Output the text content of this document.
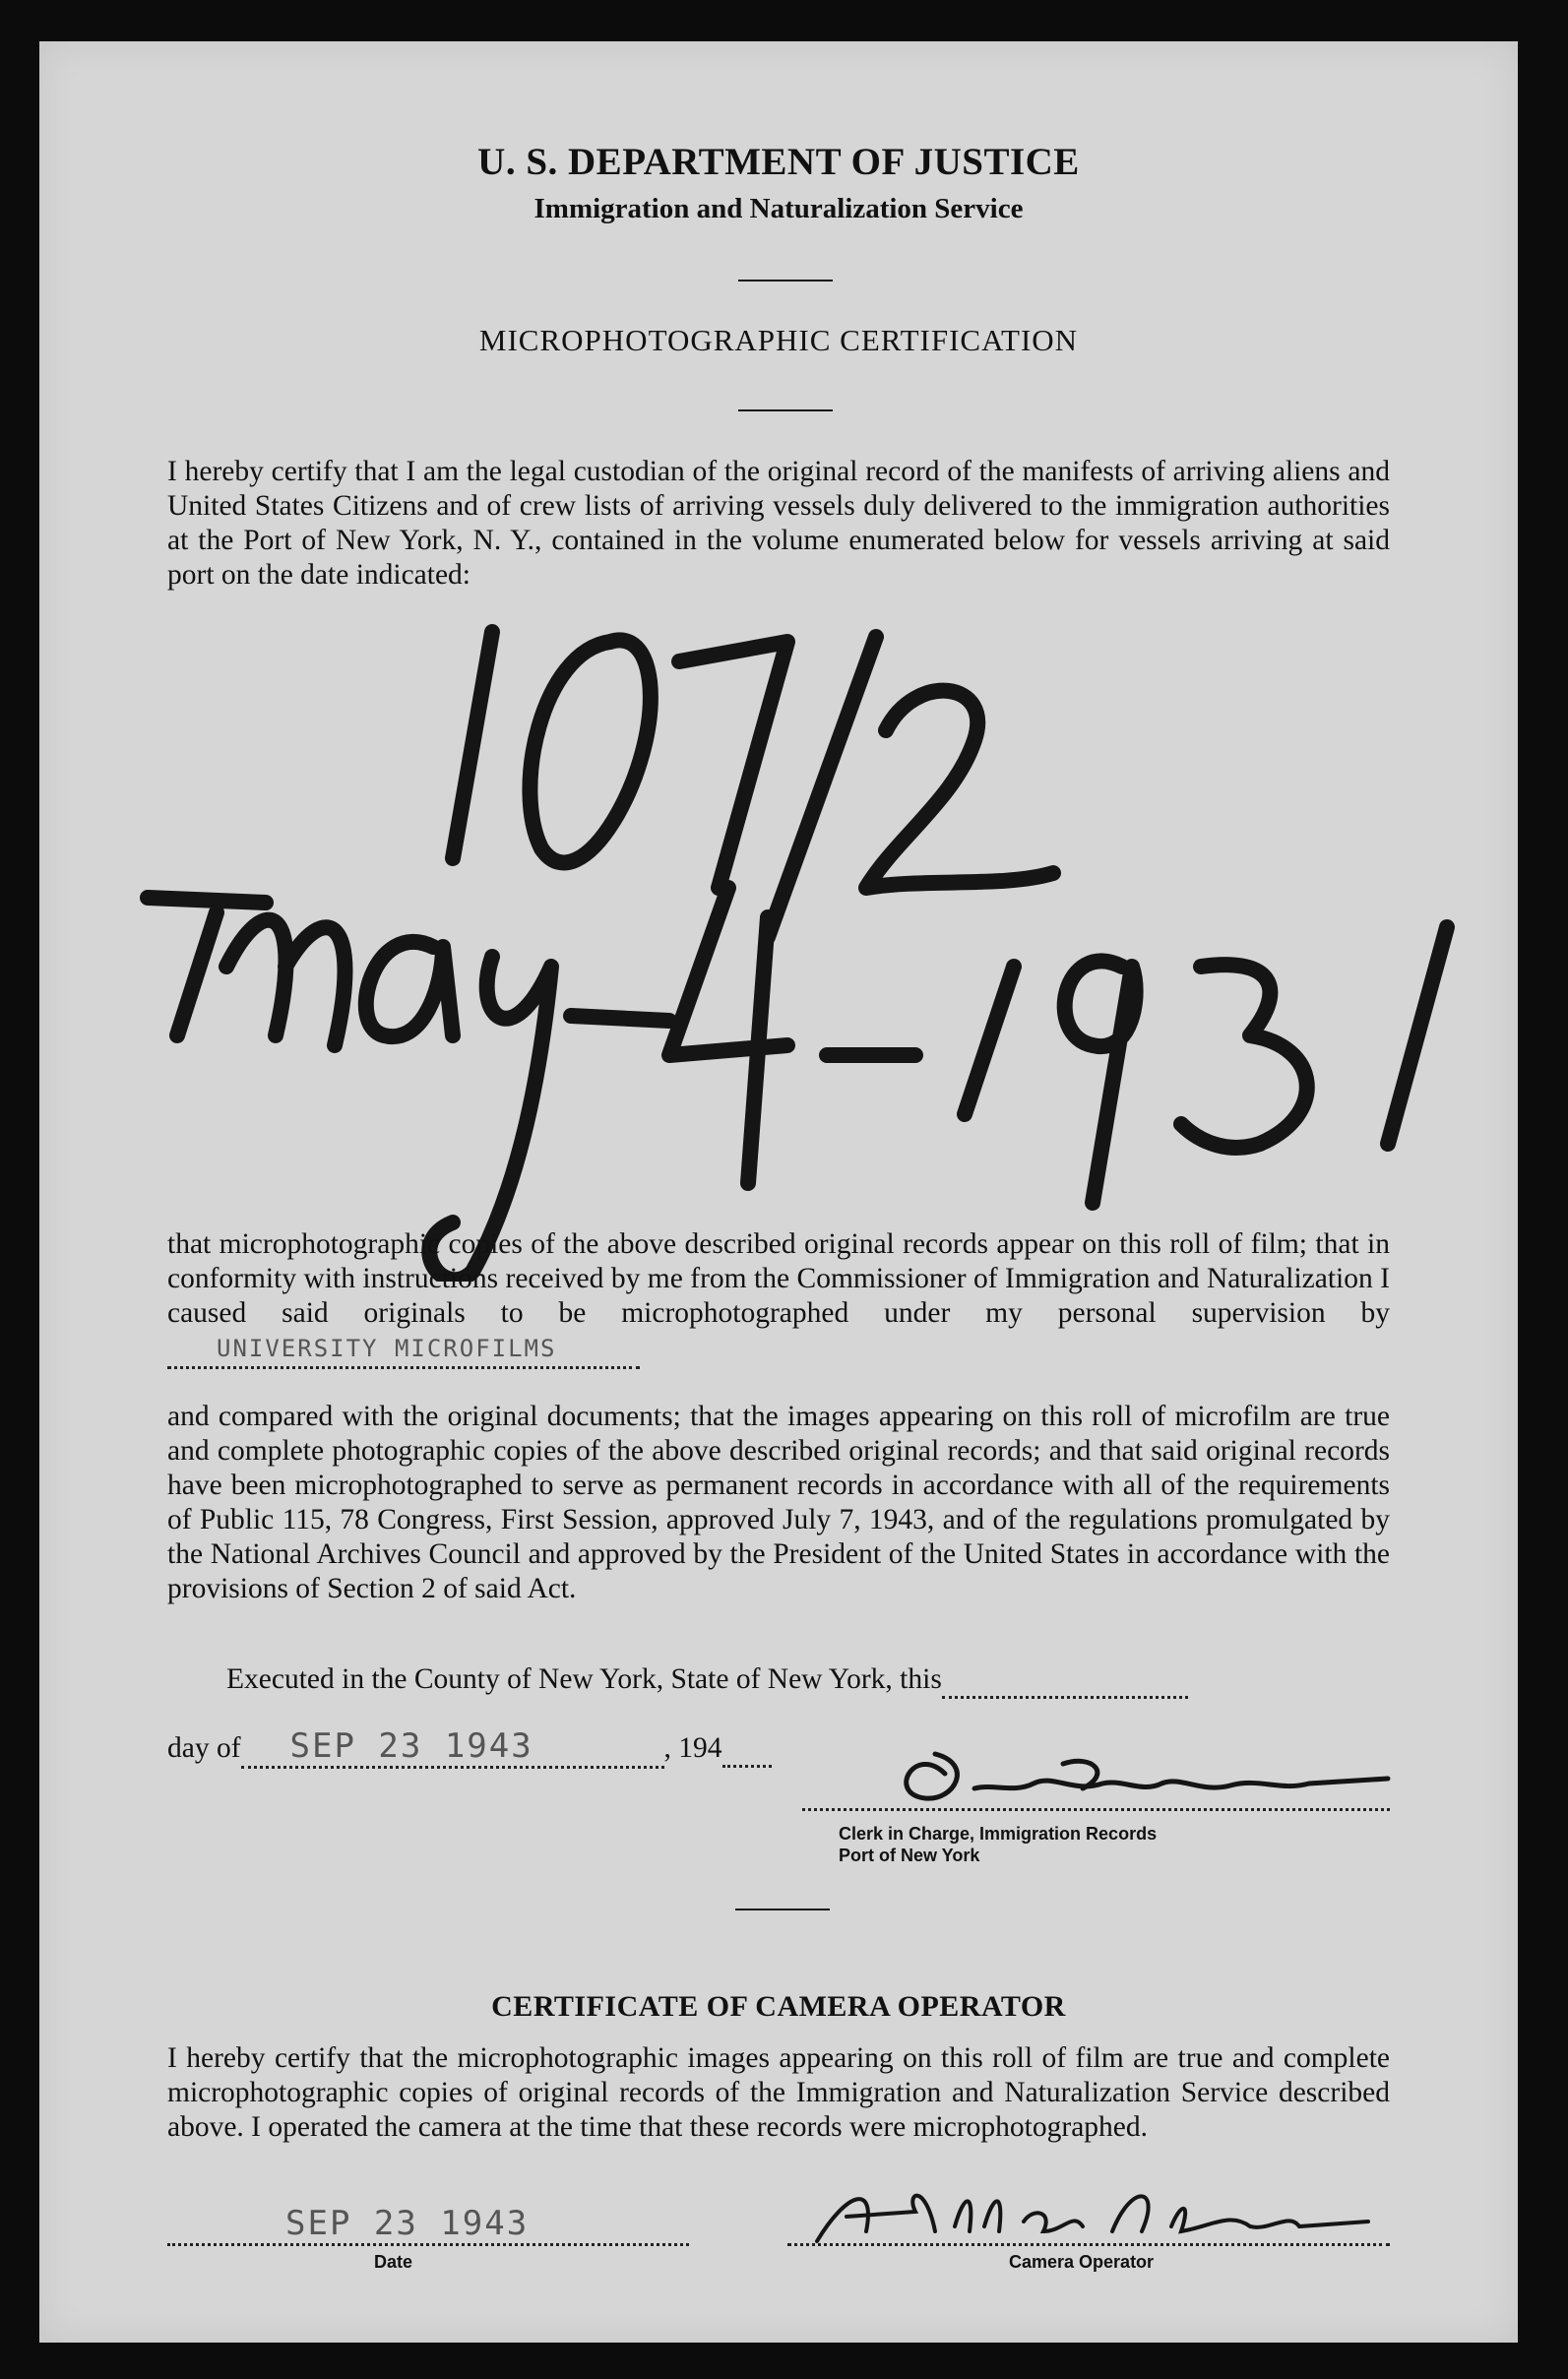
U. S. DEPARTMENT OF JUSTICE
Immigration and Naturalization Service
MICROPHOTOGRAPHIC CERTIFICATION
I hereby certify that I am the legal custodian of the original record of the manifests of arriving aliens and United States Citizens and of crew lists of arriving vessels duly delivered to the immigration authorities at the Port of New York, N. Y., contained in the volume enumerated below for vessels arriving at said port on the date indicated:
that microphotographic copies of the above described original records appear on this roll of film; that in conformity with instructions received by me from the Commissioner of Immigration and Naturalization I caused said originals to be microphotographed under my personal supervision byUNIVERSITY MICROFILMS
and compared with the original documents; that the images appearing on this roll of microfilm are true and complete photographic copies of the above described original records; and that said original records have been microphotographed to serve as permanent records in accordance with all of the requirements of Public 115, 78 Congress, First Session, approved July 7, 1943, and of the regulations promulgated by the National Archives Council and approved by the President of the United States in accordance with the provisions of Section 2 of said Act.
Executed in the County of New York, State of New York, this
day of SEP 23 1943	, 194
Clerk in Charge, Immigration Records
Port of New York
CERTIFICATE OF CAMERA OPERATOR
I hereby certify that the microphotographic images appearing on this roll of film are true and complete microphotographic copies of original records of the Immigration and Naturalization Service described above. I operated the camera at the time that these records were microphotographed.
SEP 23 1943
Date	Camera Operator
